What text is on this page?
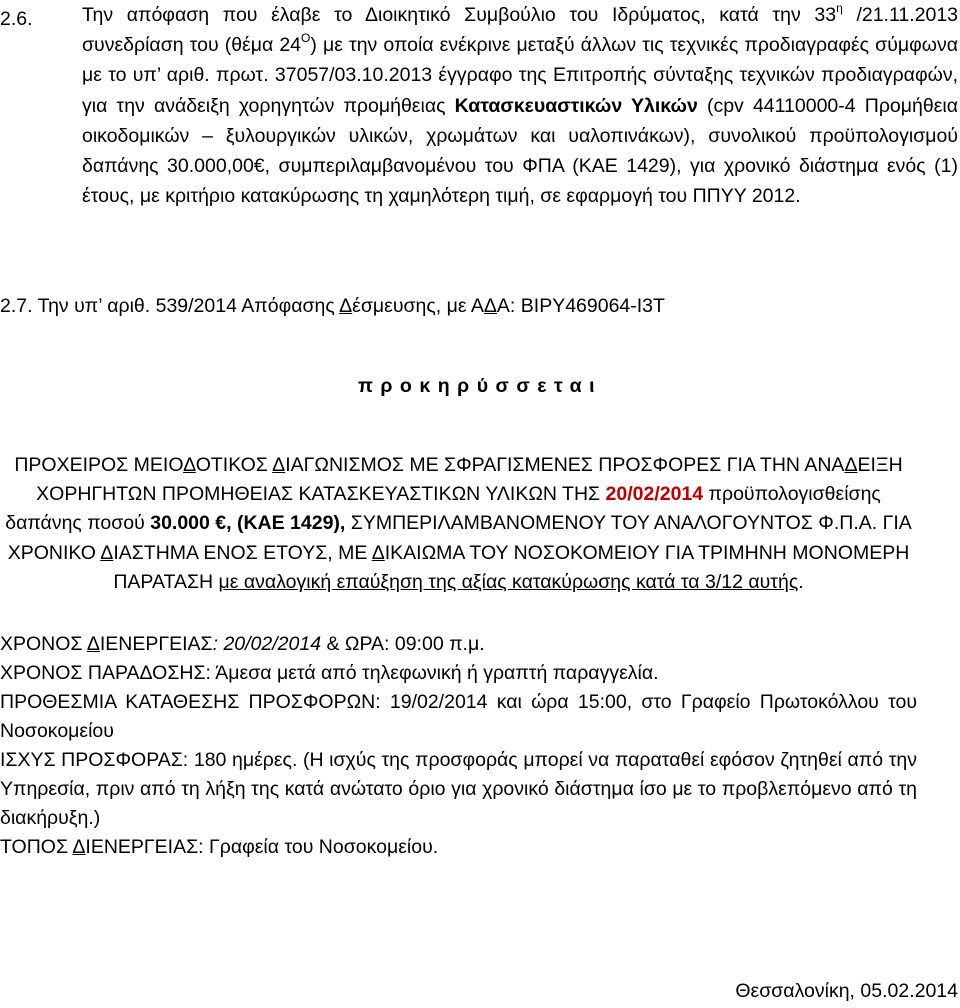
2.6.	Την απόφαση που έλαβε το Διοικητικό Συμβούλιο του Ιδρύματος, κατά την $33^\eta$ /21.11.2013 συνεδρίαση του (θέμα $24^O$) με την οποία ενέκρινε μεταξύ άλλων τις τεχνικές προδιαγραφές σύμφωνα με το υπ’ αριθ. πρωτ. 37057/03.10.2013 έγγραφο της Επιτροπής σύνταξης τεχνικών προδιαγραφών, για την ανάδειξη χορηγητών προμήθειας Κατασκευαστικών Υλικών (cpv 44110000-4 Προμήθεια οικοδομικών – ξυλουργικών υλικών, χρωμάτων και υαλοπινάκων), συνολικού προϋπολογισμού δαπάνης 30.000,00€, συμπεριλαμβανομένου του ΦΠΑ (ΚΑΕ 1429), για χρονικό διάστημα ενός (1) έτους, με κριτήριο κατακύρωσης τη χαμηλότερη τιμή, σε εφαρμογή του ΠΠΥΥ 2012.
2.7. Την υπ’ αριθ. 539/2014 Απόφασης Δέσμευσης, με ΑΔΑ: ΒΙΡΥ469064-Ι3Τ
προκηρύσσεται
ΠΡΟΧΕΙΡΟΣ ΜΕΙΟΔΟΤΙΚΟΣ ΔΙΑΓΩΝΙΣΜΟΣ ΜΕ ΣΦΡΑΓΙΣΜΕΝΕΣ ΠΡΟΣΦΟΡΕΣ ΓΙΑ ΤΗΝ ΑΝΑΔΕΙΞΗ ΧΟΡΗΓΗΤΩΝ ΠΡΟΜΗΘΕΙΑΣ ΚΑΤΑΣΚΕΥΑΣΤΙΚΩΝ ΥΛΙΚΩΝ ΤΗΣ 20/02/2014 προϋπολογισθείσης δαπάνης ποσού 30.000 €, (ΚΑΕ 1429), ΣΥΜΠΕΡΙΛΑΜΒΑΝΟΜΕΝΟΥ ΤΟΥ ΑΝΑΛΟΓΟΥΝΤΟΣ Φ.Π.Α. ΓΙΑ ΧΡΟΝΙΚΟ ΔΙΑΣΤΗΜΑ ΕΝΟΣ ΕΤΟΥΣ, ΜΕ ΔΙΚΑΙΩΜΑ ΤΟΥ ΝΟΣΟΚΟΜΕΙΟΥ ΓΙΑ ΤΡΙΜΗΝΗ ΜΟΝΟΜΕΡΗ ΠΑΡΑΤΑΣΗ με αναλογική επαύξηση της αξίας κατακύρωσης κατά τα 3/12 αυτής.

ΧΡΟΝΟΣ ΔΙΕΝΕΡΓΕΙΑΣ: 20/02/2014 & ΩΡΑ: 09:00 π.μ.

ΧΡΟΝΟΣ ΠΑΡΑΔΟΣΗΣ: Άμεσα μετά από τηλεφωνική ή γραπτή παραγγελία.

ΠΡΟΘΕΣΜΙΑ ΚΑΤΑΘΕΣΗΣ ΠΡΟΣΦΟΡΩΝ: 19/02/2014 και ώρα 15:00, στο Γραφείο Πρωτοκόλλου του Νοσοκομείου

ΙΣΧΥΣ ΠΡΟΣΦΟΡΑΣ: 180 ημέρες. (Η ισχύς της προσφοράς μπορεί να παραταθεί εφόσον ζητηθεί από την Υπηρεσία, πριν από τη λήξη της κατά ανώτατο όριο για χρονικό διάστημα ίσο με το προβλεπόμενο από τη διακήρυξη.)

ΤΟΠΟΣ ΔΙΕΝΕΡΓΕΙΑΣ: Γραφεία του Νοσοκομείου.

Θεσσαλονίκη, 05.02.2014
